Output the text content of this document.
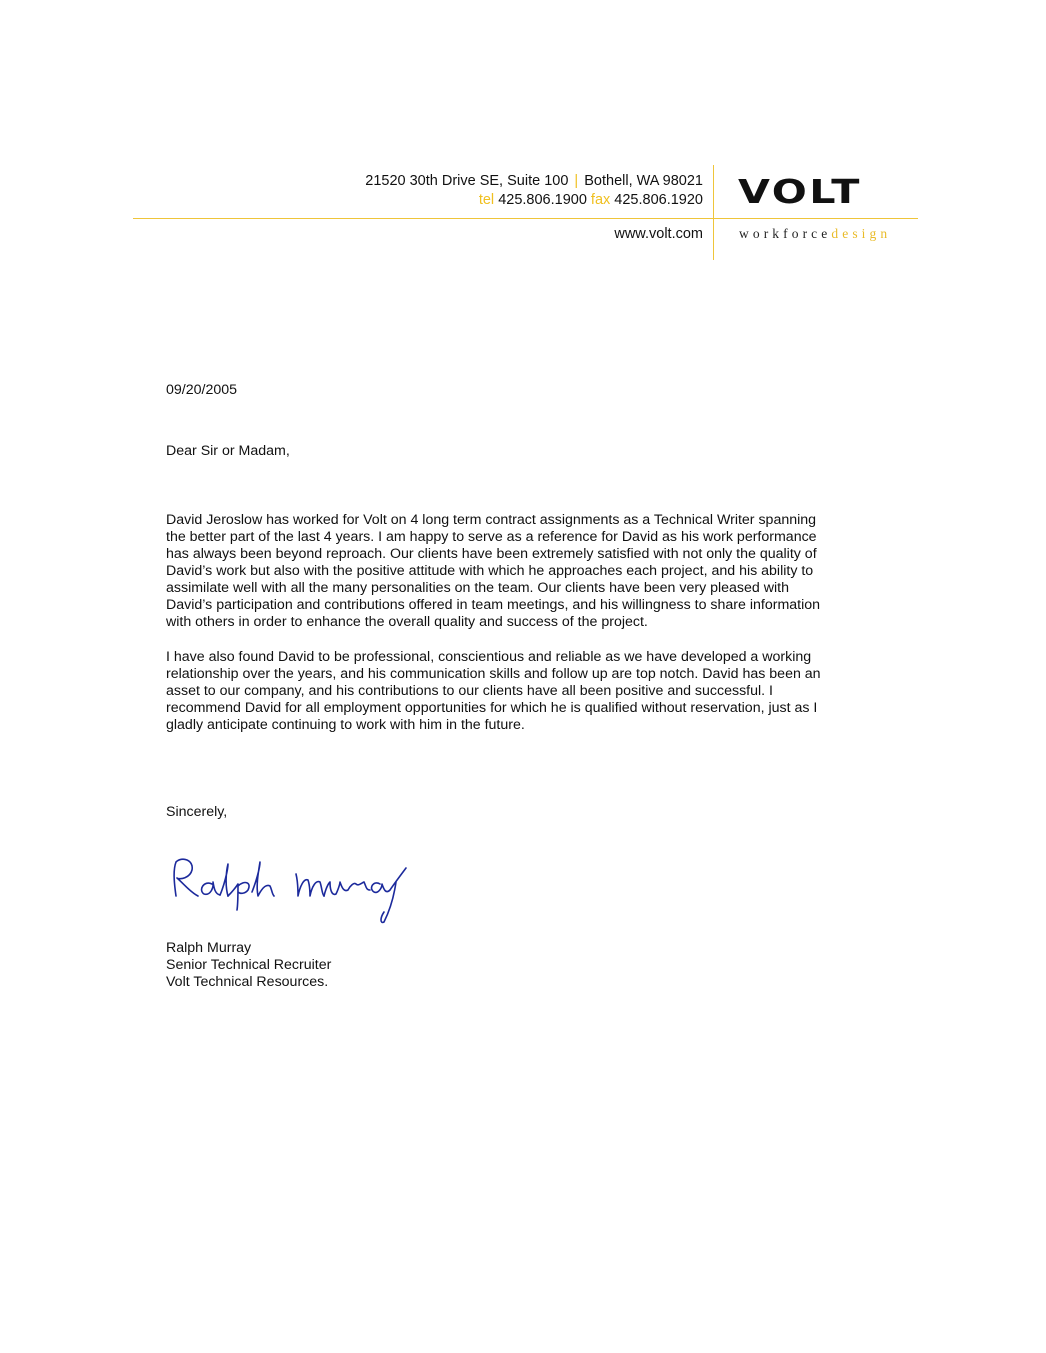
21520 30th Drive SE, Suite 100 | Bothell, WA 98021
tel 425.806.1900 fax 425.806.1920
www.volt.com
VOLT
workforcedesign
09/20/2005
Dear Sir or Madam,
David Jeroslow has worked for Volt on 4 long term contract assignments as a Technical Writer spanning
the better part of the last 4 years. I am happy to serve as a reference for David as his work performance
has always been beyond reproach. Our clients have been extremely satisfied with not only the quality of
David’s work but also with the positive attitude with which he approaches each project, and his ability to
assimilate well with all the many personalities on the team. Our clients have been very pleased with
David’s participation and contributions offered in team meetings, and his willingness to share information
with others in order to enhance the overall quality and success of the project.
I have also found David to be professional, conscientious and reliable as we have developed a working
relationship over the years, and his communication skills and follow up are top notch. David has been an
asset to our company, and his contributions to our clients have all been positive and successful. I
recommend David for all employment opportunities for which he is qualified without reservation, just as I
gladly anticipate continuing to work with him in the future.
Sincerely,
Ralph Murray
Senior Technical Recruiter
Volt Technical Resources.
